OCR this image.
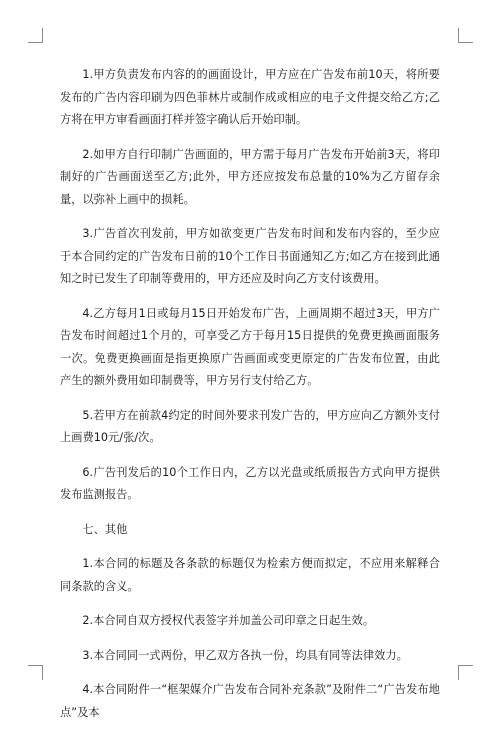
1.甲方负责发布内容的的画面设计，甲方应在广告发布前10天，将所要发布的广告内容印刷为四色菲林片或制作成或相应的电子文件提交给乙方;乙方将在甲方审看画面打样并签字确认后开始印制。

2.如甲方自行印制广告画面的，甲方需于每月广告发布开始前3天，将印制好的广告画面送至乙方;此外，甲方还应按发布总量的10%为乙方留存余量，以弥补上画中的损耗。

3.广告首次刊发前，甲方如欲变更广告发布时间和发布内容的，至少应于本合同约定的广告发布日前的10个工作日书面通知乙方;如乙方在接到此通知之时已发生了印制等费用的，甲方还应及时向乙方支付该费用。

4.乙方每月1日或每月15日开始发布广告，上画周期不超过3天，甲方广告发布时间超过1个月的，可享受乙方于每月15日提供的免费更换画面服务一次。免费更换画面是指更换原广告画面或变更原定的广告发布位置，由此产生的额外费用如印制费等，甲方另行支付给乙方。

5.若甲方在前款4约定的时间外要求刊发广告的，甲方应向乙方额外支付上画费10元/张/次。

6.广告刊发后的10个工作日内，乙方以光盘或纸质报告方式向甲方提供发布监测报告。

七、其他

1.本合同的标题及各条款的标题仅为检索方便而拟定，不应用来解释合同条款的含义。

2.本合同自双方授权代表签字并加盖公司印章之日起生效。

3.本合同同一式两份，甲乙双方各执一份，均具有同等法律效力。

4.本合同附件一“框架媒介广告发布合同补充条款”及附件二“广告发布地点”及本
